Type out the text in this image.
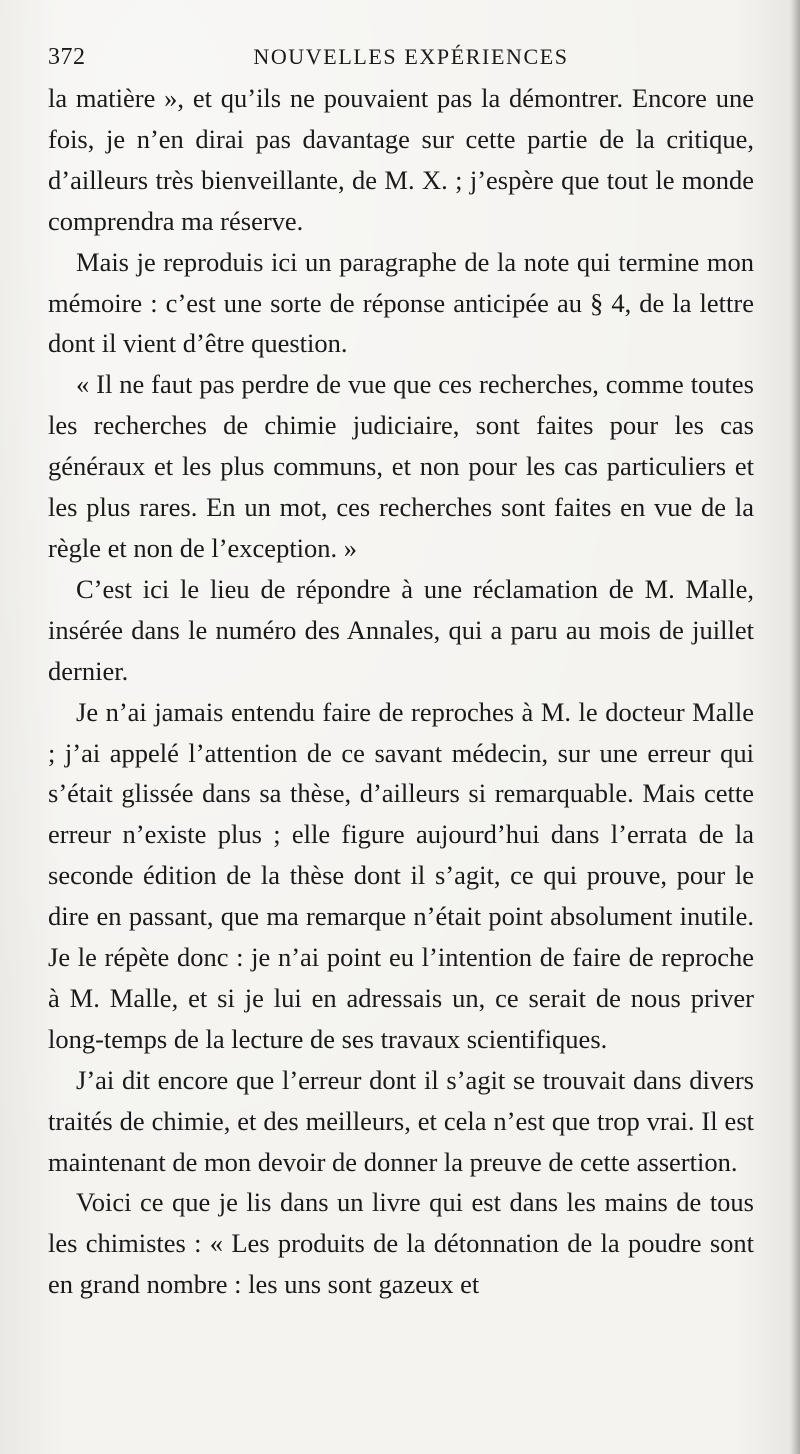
372	NOUVELLES EXPÉRIENCES

la matière », et qu’ils ne pouvaient pas la démontrer. Encore une fois, je n’en dirai pas davantage sur cette partie de la critique, d’ailleurs très bienveillante, de M. X. ; j’espère que tout le monde comprendra ma réserve.

Mais je reproduis ici un paragraphe de la note qui termine mon mémoire : c’est une sorte de réponse anticipée au § 4, de la lettre dont il vient d’être question.

« Il ne faut pas perdre de vue que ces recherches, comme toutes les recherches de chimie judiciaire, sont faites pour les cas généraux et les plus communs, et non pour les cas particuliers et les plus rares. En un mot, ces recherches sont faites en vue de la règle et non de l’exception. »

C’est ici le lieu de répondre à une réclamation de M. Malle, insérée dans le numéro des Annales, qui a paru au mois de juillet dernier.

Je n’ai jamais entendu faire de reproches à M. le docteur Malle ; j’ai appelé l’attention de ce savant médecin, sur une erreur qui s’était glissée dans sa thèse, d’ailleurs si remarquable. Mais cette erreur n’existe plus ; elle figure aujourd’hui dans l’errata de la seconde édition de la thèse dont il s’agit, ce qui prouve, pour le dire en passant, que ma remarque n’était point absolument inutile. Je le répète donc : je n’ai point eu l’intention de faire de reproche à M. Malle, et si je lui en adressais un, ce serait de nous priver long-temps de la lecture de ses travaux scientifiques.

J’ai dit encore que l’erreur dont il s’agit se trouvait dans divers traités de chimie, et des meilleurs, et cela n’est que trop vrai. Il est maintenant de mon devoir de donner la preuve de cette assertion.

Voici ce que je lis dans un livre qui est dans les mains de tous les chimistes : « Les produits de la détonnation de la poudre sont en grand nombre : les uns sont gazeux et
